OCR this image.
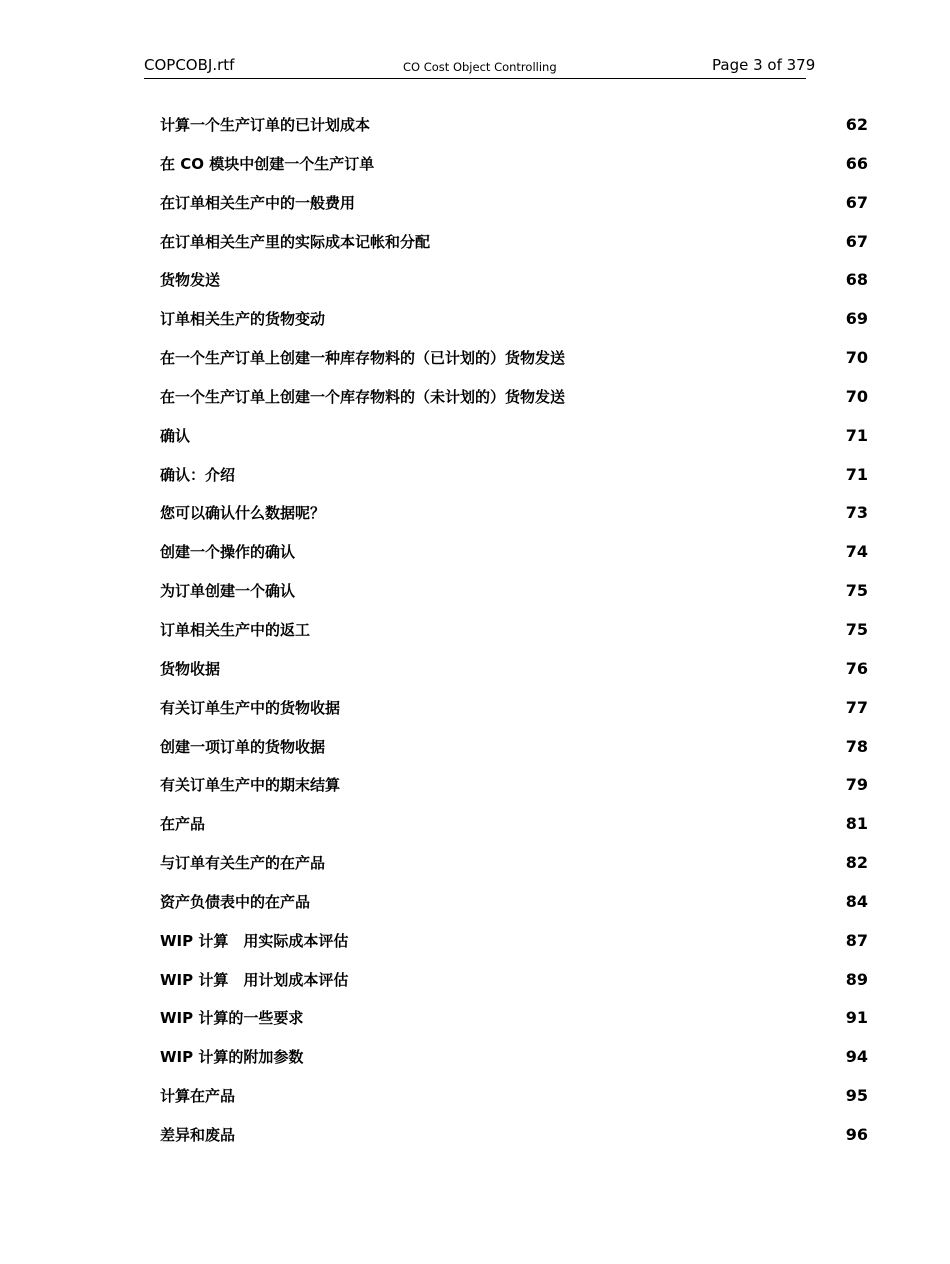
COPCOBJ.rtf	CO Cost Object Controlling	Page 3 of 379
计算一个生产订单的已计划成本	62
在 CO 模块中创建一个生产订单	66
在订单相关生产中的一般费用	67
在订单相关生产里的实际成本记帐和分配	67
货物发送	68
订单相关生产的货物变动	69
在一个生产订单上创建一种库存物料的（已计划的）货物发送	70
在一个生产订单上创建一个库存物料的（未计划的）货物发送	70
确认	71
确认：介绍	71
您可以确认什么数据呢？	73
创建一个操作的确认	74
为订单创建一个确认	75
订单相关生产中的返工	75
货物收据	76
有关订单生产中的货物收据	77
创建一项订单的货物收据	78
有关订单生产中的期末结算	79
在产品	81
与订单有关生产的在产品	82
资产负债表中的在产品	84
WIP 计算　用实际成本评估	87
WIP 计算　用计划成本评估	89
WIP 计算的一些要求	91
WIP 计算的附加参数	94
计算在产品	95
差异和废品	96
